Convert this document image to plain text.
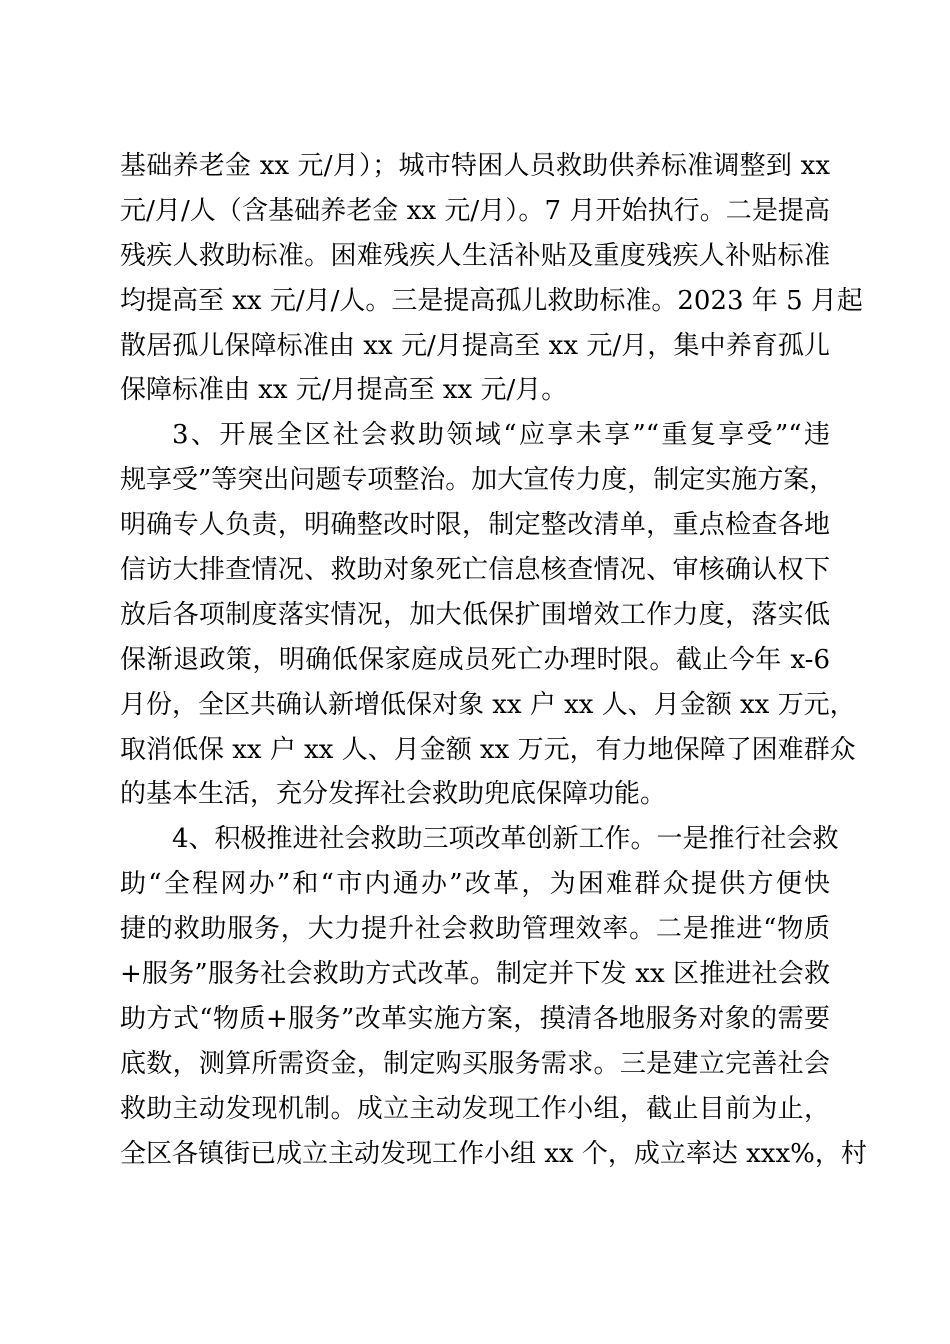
基础养老金 xx 元/月）；城市特困人员救助供养标准调整到 xx
元/月/人（含基础养老金 xx 元/月）。7 月开始执行。二是提高
残疾人救助标准。困难残疾人生活补贴及重度残疾人补贴标准
均提高至 xx 元/月/人。三是提高孤儿救助标准。2023 年 5 月起
散居孤儿保障标准由 xx 元/月提高至 xx 元/月，集中养育孤儿
保障标准由 xx 元/月提高至 xx 元/月。
3、开展全区社会救助领域“应享未享”“重复享受”“违
规享受”等突出问题专项整治。加大宣传力度，制定实施方案，
明确专人负责，明确整改时限，制定整改清单，重点检查各地
信访大排查情况、救助对象死亡信息核查情况、审核确认权下
放后各项制度落实情况，加大低保扩围增效工作力度，落实低
保渐退政策，明确低保家庭成员死亡办理时限。截止今年 x-6
月份，全区共确认新增低保对象 xx 户 xx 人、月金额 xx 万元，
取消低保 xx 户 xx 人、月金额 xx 万元，有力地保障了困难群众
的基本生活，充分发挥社会救助兜底保障功能。
4、积极推进社会救助三项改革创新工作。一是推行社会救
助“全程网办”和“市内通办”改革，为困难群众提供方便快
捷的救助服务，大力提升社会救助管理效率。二是推进“物质
+服务”服务社会救助方式改革。制定并下发 xx 区推进社会救
助方式“物质+服务”改革实施方案，摸清各地服务对象的需要
底数，测算所需资金，制定购买服务需求。三是建立完善社会
救助主动发现机制。成立主动发现工作小组，截止目前为止，
全区各镇街已成立主动发现工作小组 xx 个，成立率达 xxx%，村
